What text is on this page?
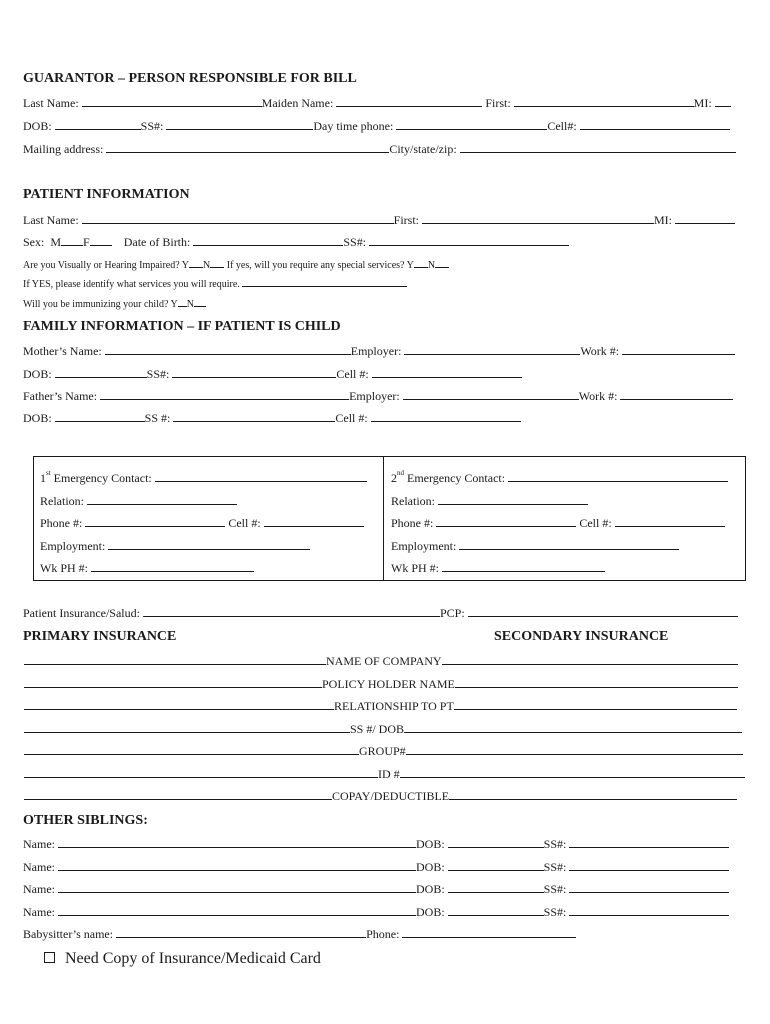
GUARANTOR – PERSON RESPONSIBLE FOR BILL
Last Name:	Maiden Name:	First:	MI:
DOB:	SS#:	Day time phone:	Cell#:
Mailing address:	City/state/zip:
PATIENT INFORMATION
Last Name:	First:	MI:
Sex: M F	Date of Birth:	SS#:
Are you Visually or Hearing Impaired? Y N If yes, will you require any special services? Y N
If YES, please identify what services you will require.
Will you be immunizing your child? Y N
FAMILY INFORMATION – IF PATIENT IS CHILD
Mother’s Name:	Employer:	Work #:
DOB:	SS#:	Cell #:
Father’s Name:	Employer:	Work #:
DOB:	SS #:	Cell #:
1st Emergency Contact:
Relation:
Phone #:	Cell #:
Employment:
Wk PH #:
2nd Emergency Contact:
Relation:
Phone #:	Cell #:
Employment:
Wk PH #:
Patient Insurance/Salud:	PCP:
PRIMARY INSURANCE	SECONDARY INSURANCE
NAME OF COMPANY
POLICY HOLDER NAME
RELATIONSHIP TO PT
SS #/ DOB
GROUP#
ID #
COPAY/DEDUCTIBLE
OTHER SIBLINGS:
Name:	DOB:	SS#:
Name:	DOB:	SS#:
Name:	DOB:	SS#:
Name:	DOB:	SS#:
Babysitter’s name:	Phone:
Need Copy of Insurance/Medicaid Card
